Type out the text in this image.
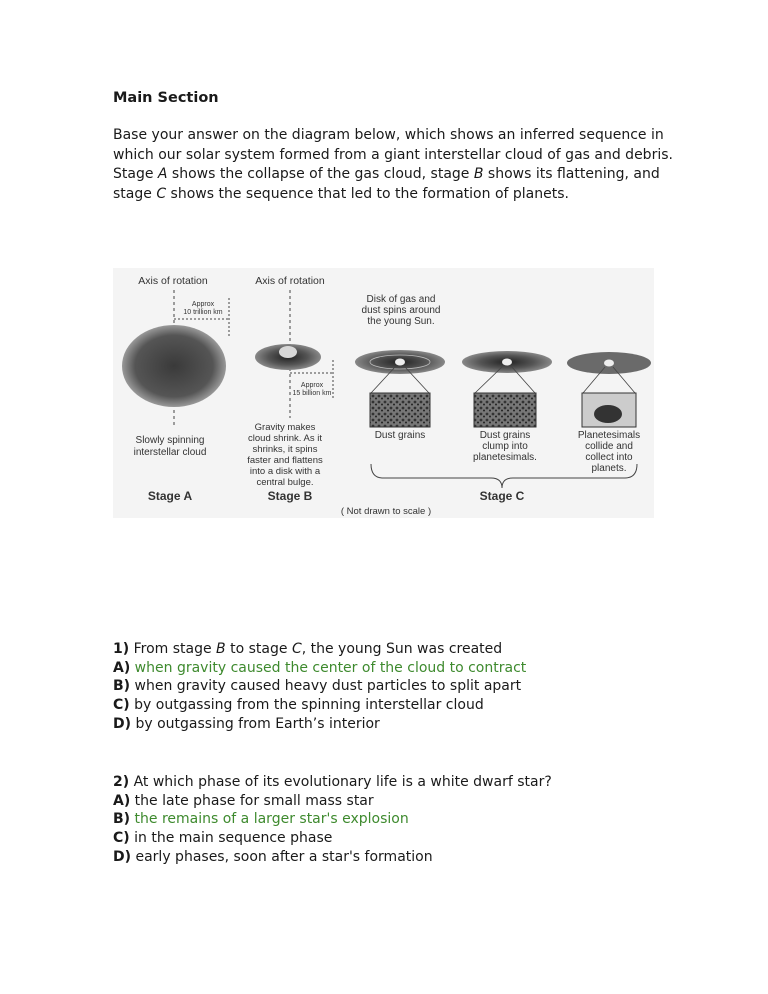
Main Section

Base your answer on the diagram below, which shows an inferred sequence in which our solar system formed from a giant interstellar cloud of gas and debris. Stage A shows the collapse of the gas cloud, stage B shows its flattening, and stage C shows the sequence that led to the formation of planets.

Axis of rotation
Approx
10 trillion km
Slowly spinning
interstellar cloud
Stage A
Axis of rotation
Approx
15 billion km
Gravity makes
cloud shrink. As it
shrinks, it spins
faster and flattens
into a disk with a
central bulge.
Stage B
Disk of gas and
dust spins around
the young Sun.
Dust grains	Dust grains
clump into
planetesimals.
Planetesimals
collide and
collect into
planets.
Stage C
( Not drawn to scale )

1) From stage B to stage C, the young Sun was created

A) when gravity caused the center of the cloud to contract

B) when gravity caused heavy dust particles to split apart

C) by outgassing from the spinning interstellar cloud

D) by outgassing from Earth’s interior

2) At which phase of its evolutionary life is a white dwarf star?

A) the late phase for small mass star

B) the remains of a larger star's explosion

C) in the main sequence phase

D) early phases, soon after a star's formation
